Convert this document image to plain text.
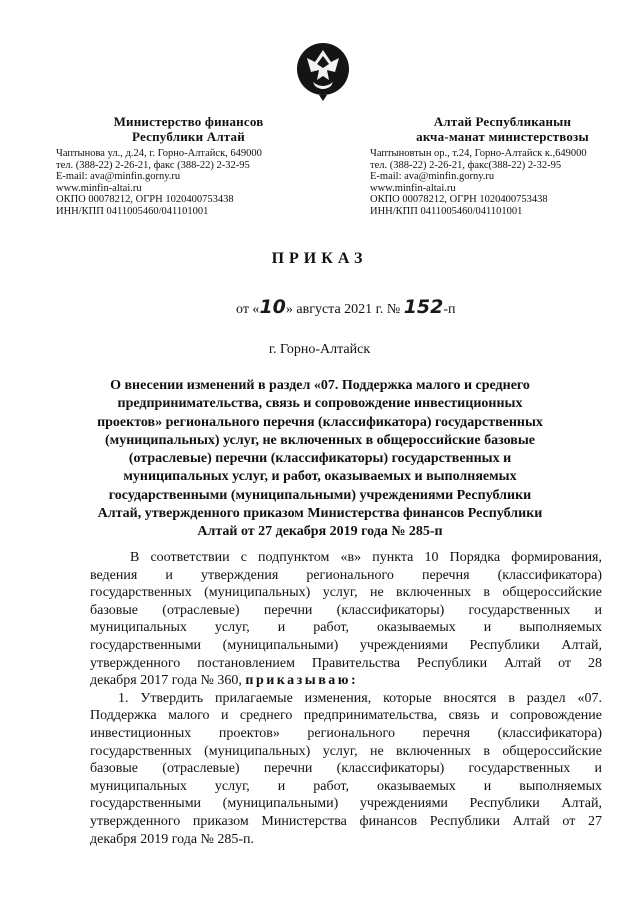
Министерство финансов
Республики Алтай
Чаптынова ул., д.24, г. Горно-Алтайск, 649000
тел. (388-22) 2-26-21, факс (388-22) 2-32-95
E-mail: ava@minfin.gorny.ru
www.minfin-altai.ru
ОКПО 00078212, ОГРН 1020400753438
ИНН/КПП 0411005460/041101001
Алтай Республиканын
акча-манат министерствозы
Чаптыновтын ор., т.24, Горно-Алтайск к.,649000
тел. (388-22) 2-26-21, факс(388-22) 2-32-95
E-mail: ava@minfin.gorny.ru
www.minfin-altai.ru
ОКПО 00078212, ОГРН 1020400753438
ИНН/КПП 0411005460/041101001
ПРИКАЗ
от «10» августа 2021 г. № 152-п
г. Горно-Алтайск
О внесении изменений в раздел «07. Поддержка малого и среднего
предпринимательства, связь и сопровождение инвестиционных
проектов» регионального перечня (классификатора) государственных
(муниципальных) услуг, не включенных в общероссийские базовые
(отраслевые) перечни (классификаторы) государственных и
муниципальных услуг, и работ, оказываемых и выполняемых
государственными (муниципальными) учреждениями Республики
Алтай, утвержденного приказом Министерства финансов Республики
Алтай от 27 декабря 2019 года № 285-п
В соответствии с подпунктом «в» пункта 10 Порядка формирования,
ведения и утверждения регионального перечня (классификатора)
государственных (муниципальных) услуг, не включенных в общероссийские
базовые (отраслевые) перечни (классификаторы) государственных и
муниципальных услуг, и работ, оказываемых и выполняемых
государственными (муниципальными) учреждениями Республики Алтай,
утвержденного постановлением Правительства Республики Алтай от 28
декабря 2017 года № 360, приказываю:
1. Утвердить прилагаемые изменения, которые вносятся в раздел «07.
Поддержка малого и среднего предпринимательства, связь и сопровождение
инвестиционных проектов» регионального перечня (классификатора)
государственных (муниципальных) услуг, не включенных в общероссийские
базовые (отраслевые) перечни (классификаторы) государственных и
муниципальных услуг, и работ, оказываемых и выполняемых
государственными (муниципальными) учреждениями Республики Алтай,
утвержденного приказом Министерства финансов Республики Алтай от 27
декабря 2019 года № 285-п.
